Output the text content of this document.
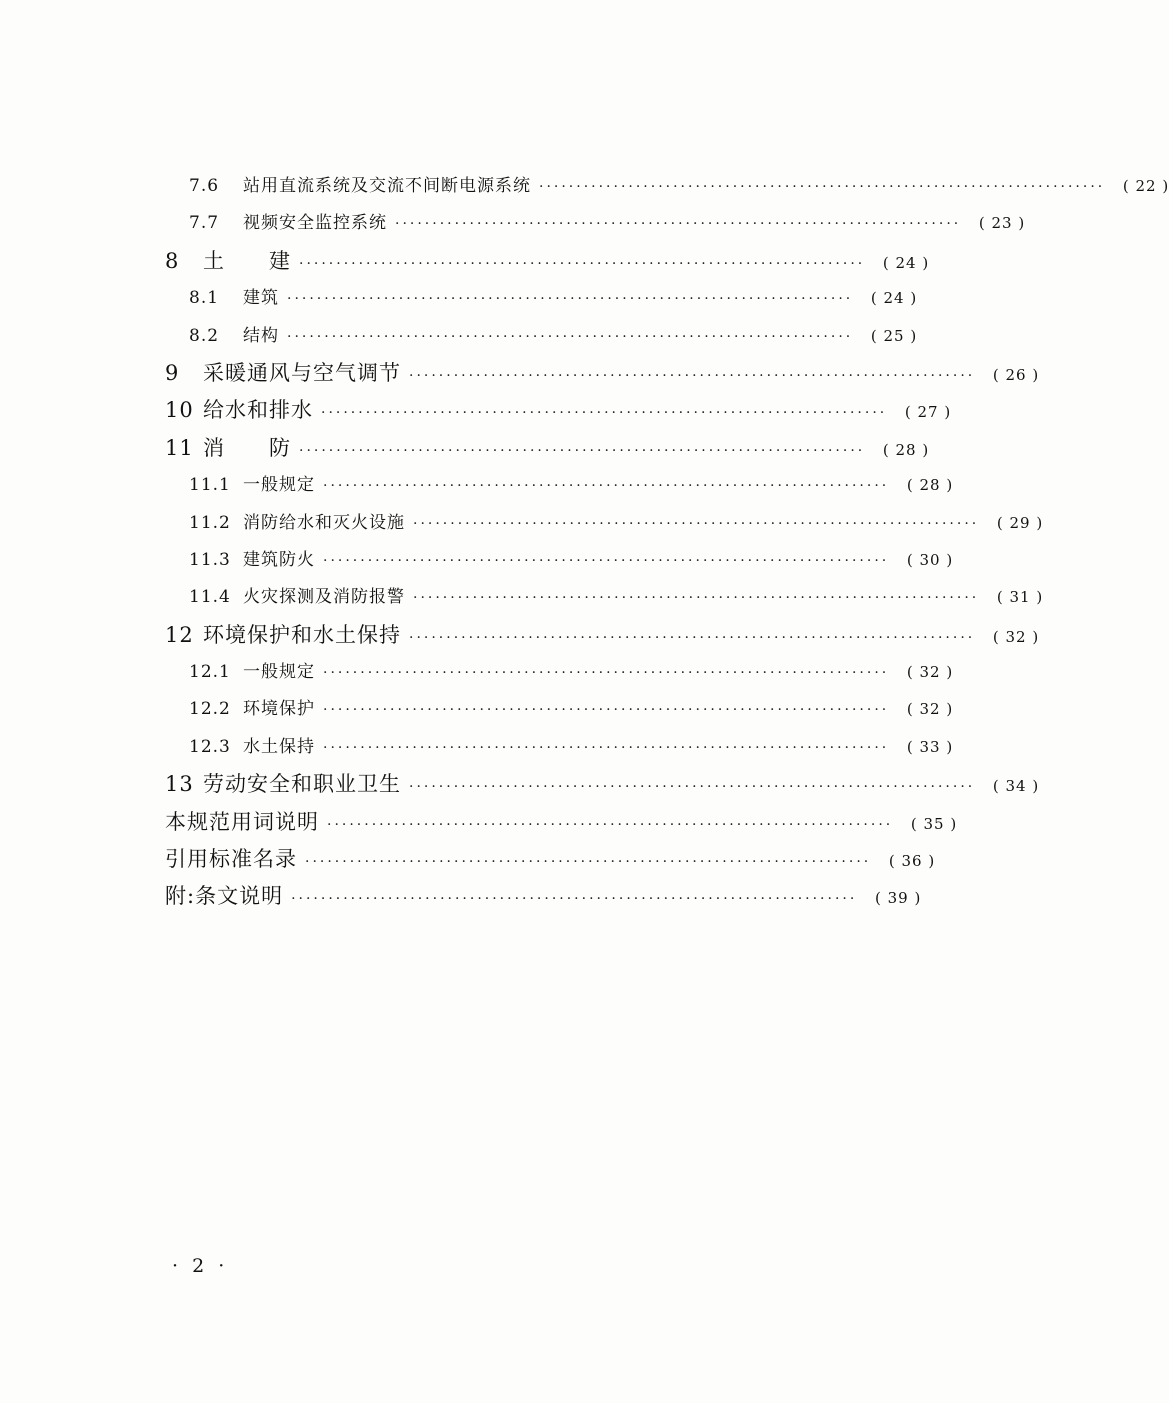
7.6	站用直流系统及交流不间断电源系统 ············································································	( 22 )
7.7	视频安全监控系统 ············································································	( 23 )
8	土　　建 ············································································	( 24 )
8.1	建筑 ············································································	( 24 )
8.2	结构 ············································································	( 25 )
9	采暖通风与空气调节 ············································································	( 26 )
10 给水和排水 ············································································	( 27 )
11 消　　防 ············································································	( 28 )
11.1 一般规定 ············································································	( 28 )
11.2 消防给水和灭火设施 ············································································	( 29 )
11.3 建筑防火 ············································································	( 30 )
11.4 火灾探测及消防报警 ············································································	( 31 )
12 环境保护和水土保持 ············································································	( 32 )
12.1 一般规定 ············································································	( 32 )
12.2 环境保护 ············································································	( 32 )
12.3 水土保持 ············································································	( 33 )
13 劳动安全和职业卫生 ············································································	( 34 )
本规范用词说明 ············································································	( 35 )
引用标准名录 ············································································	( 36 )
附:条文说明 ············································································	( 39 )
· 2 ·
